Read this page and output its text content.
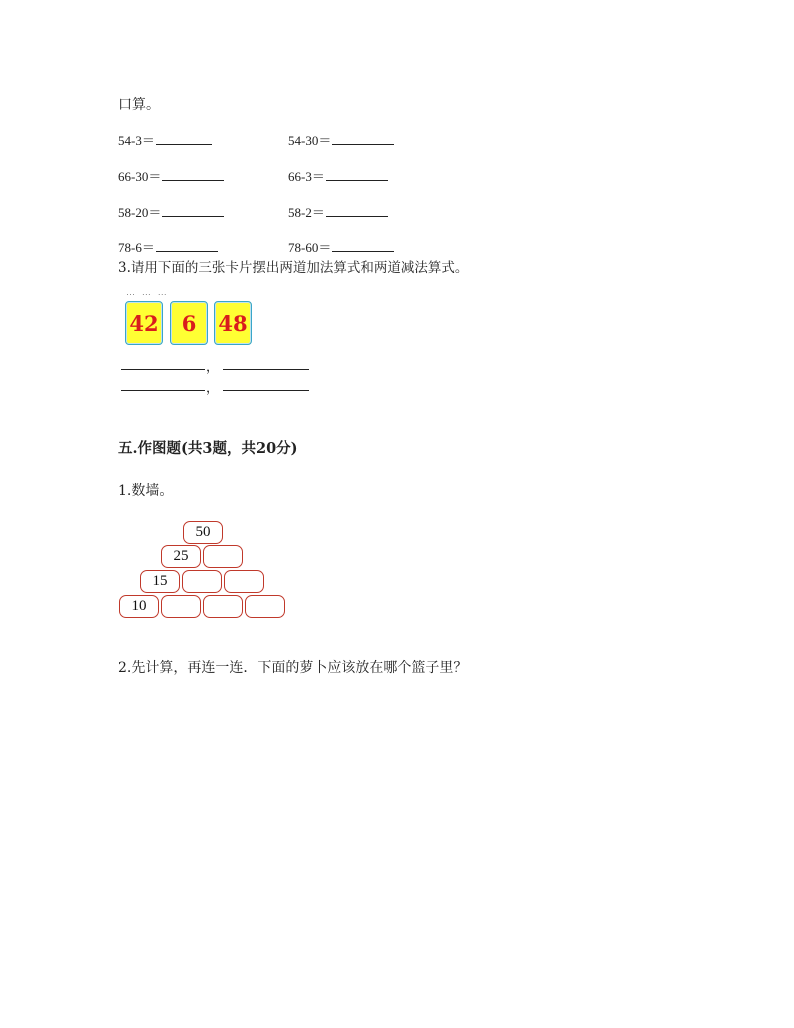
口算。
54-3＝	54-30＝
66-30＝	66-3＝
58-20＝	58-2＝
78-6＝	78-60＝
3.请用下面的三张卡片摆出两道加法算式和两道减法算式。
⋯ ⋯ ⋯
42	6	48
，
，
五.作图题(共3题，共20分)
1.数墙。
50
25
15
10
2.先计算，再连一连．下面的萝卜应该放在哪个篮子里？
